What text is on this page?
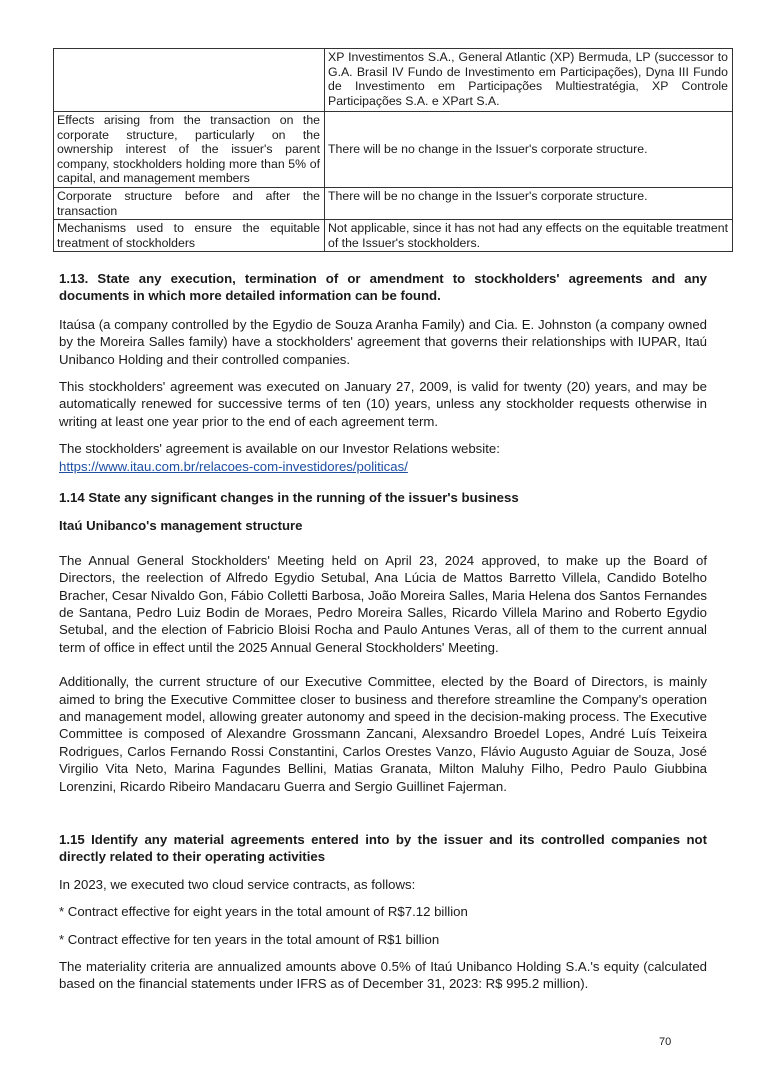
	XP Investimentos S.A., General Atlantic (XP) Bermuda, LP (successor to G.A. Brasil IV Fundo de Investimento em Participações), Dyna III Fundo de Investimento em Participações Multiestratégia, XP Controle Participações S.A. e XPart S.A.
Effects arising from the transaction on the corporate structure, particularly on the ownership interest of the issuer's parent company, stockholders holding more than 5% of capital, and management members	There will be no change in the Issuer's corporate structure.
Corporate structure before and after the transaction	There will be no change in the Issuer's corporate structure.
Mechanisms used to ensure the equitable treatment of stockholders	Not applicable, since it has not had any effects on the equitable treatment of the Issuer's stockholders.

1.13. State any execution, termination of or amendment to stockholders' agreements and any documents in which more detailed information can be found.

Itaúsa (a company controlled by the Egydio de Souza Aranha Family) and Cia. E. Johnston (a company owned by the Moreira Salles family) have a stockholders' agreement that governs their relationships with IUPAR, Itaú Unibanco Holding and their controlled companies.

This stockholders' agreement was executed on January 27, 2009, is valid for twenty (20) years, and may be automatically renewed for successive terms of ten (10) years, unless any stockholder requests otherwise in writing at least one year prior to the end of each agreement term.

The stockholders' agreement is available on our Investor Relations website:

https://www.itau.com.br/relacoes-com-investidores/politicas/

1.14 State any significant changes in the running of the issuer's business

Itaú Unibanco's management structure

The Annual General Stockholders' Meeting held on April 23, 2024 approved, to make up the Board of Directors, the reelection of Alfredo Egydio Setubal, Ana Lúcia de Mattos Barretto Villela, Candido Botelho Bracher, Cesar Nivaldo Gon, Fábio Colletti Barbosa, João Moreira Salles, Maria Helena dos Santos Fernandes de Santana, Pedro Luiz Bodin de Moraes, Pedro Moreira Salles, Ricardo Villela Marino and Roberto Egydio Setubal, and the election of Fabricio Bloisi Rocha and Paulo Antunes Veras, all of them to the current annual term of office in effect until the 2025 Annual General Stockholders' Meeting.

Additionally, the current structure of our Executive Committee, elected by the Board of Directors, is mainly aimed to bring the Executive Committee closer to business and therefore streamline the Company's operation and management model, allowing greater autonomy and speed in the decision-making process. The Executive Committee is composed of Alexandre Grossmann Zancani, Alexsandro Broedel Lopes, André Luís Teixeira Rodrigues, Carlos Fernando Rossi Constantini, Carlos Orestes Vanzo, Flávio Augusto Aguiar de Souza, José Virgilio Vita Neto, Marina Fagundes Bellini, Matias Granata, Milton Maluhy Filho, Pedro Paulo Giubbina Lorenzini, Ricardo Ribeiro Mandacaru Guerra and Sergio Guillinet Fajerman.

1.15 Identify any material agreements entered into by the issuer and its controlled companies not directly related to their operating activities

In 2023, we executed two cloud service contracts, as follows:

* Contract effective for eight years in the total amount of R$7.12 billion

* Contract effective for ten years in the total amount of R$1 billion

The materiality criteria are annualized amounts above 0.5% of Itaú Unibanco Holding S.A.'s equity (calculated based on the financial statements under IFRS as of December 31, 2023: R$ 995.2 million).

70
